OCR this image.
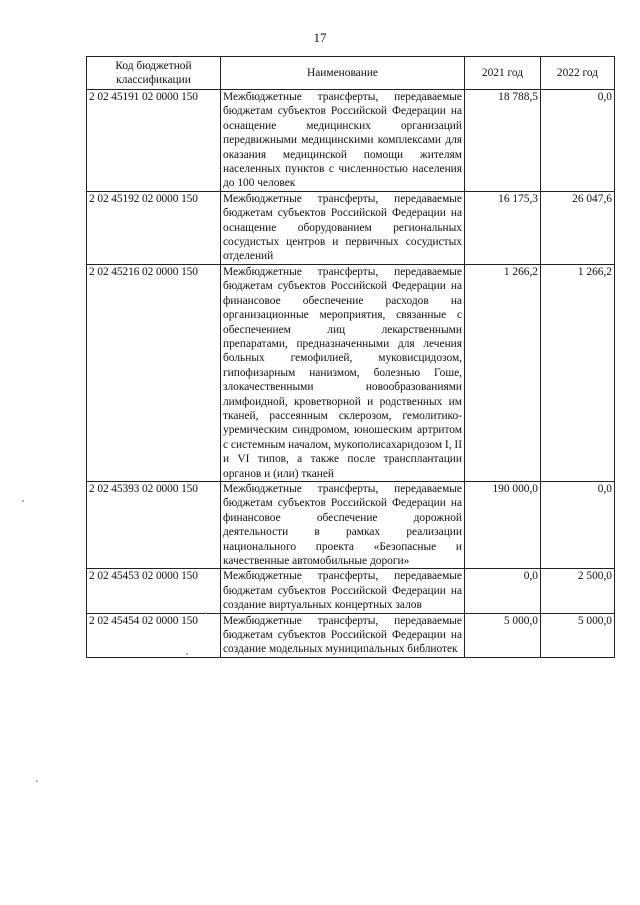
17
Код бюджетной классификации	Наименование	2021 год	2022 год
2 02 45191 02 0000 150	Межбюджетные трансферты, передаваемые бюджетам субъектов Российской Федерации на оснащение медицинских организаций передвижными медицинскими комплексами для оказания медицинской помощи жителям населенных пунктов с численностью населения до 100 человек	18 788,5	0,0
2 02 45192 02 0000 150	Межбюджетные трансферты, передаваемые бюджетам субъектов Российской Федерации на оснащение оборудованием региональных сосудистых центров и первичных сосудистых отделений	16 175,3	26 047,6
2 02 45216 02 0000 150	Межбюджетные трансферты, передаваемые бюджетам субъектов Российской Федерации на финансовое обеспечение расходов на организационные мероприятия, связанные с обеспечением лиц лекарственными препаратами, предназначенными для лечения больных гемофилией, муковисцидозом, гипофизарным нанизмом, болезнью Гоше, злокачественными новообразованиями лимфоидной, кроветворной и родственных им тканей, рассеянным склерозом, гемолитико-уремическим синдромом, юношеским артритом с системным началом, мукополисахаридозом I, II и VI типов, а также после трансплантации органов и (или) тканей	1 266,2	1 266,2
2 02 45393 02 0000 150	Межбюджетные трансферты, передаваемые бюджетам субъектов Российской Федерации на финансовое обеспечение дорожной деятельности в рамках реализации национального проекта «Безопасные и качественные автомобильные дороги»	190 000,0	0,0
2 02 45453 02 0000 150	Межбюджетные трансферты, передаваемые бюджетам субъектов Российской Федерации на создание виртуальных концертных залов	0,0	2 500,0
2 02 45454 02 0000 150	Межбюджетные трансферты, передаваемые бюджетам субъектов Российской Федерации на создание модельных муниципальных библиотек	5 000,0	5 000,0
